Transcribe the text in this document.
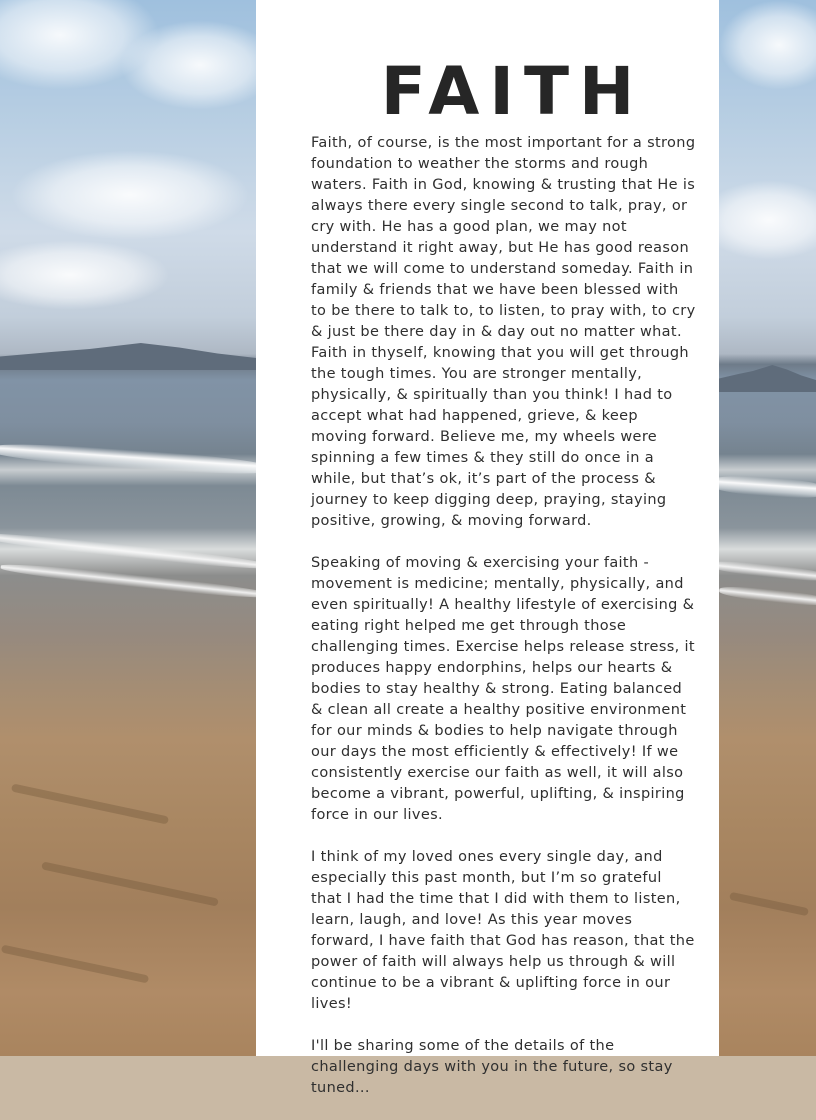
FAITH

Faith, of course, is the most important for a strong foundation to weather the storms and rough waters. Faith in God, knowing & trusting that He is always there every single second to talk, pray, or cry with. He has a good plan, we may not understand it right away, but He has good reason that we will come to understand someday. Faith in family & friends that we have been blessed with to be there to talk to, to listen, to pray with, to cry & just be there day in & day out no matter what. Faith in thyself, knowing that you will get through the tough times. You are stronger mentally, physically, & spiritually than you think! I had to accept what had happened, grieve, & keep moving forward. Believe me, my wheels were spinning a few times & they still do once in a while, but that’s ok, it’s part of the process & journey to keep digging deep, praying, staying positive, growing, & moving forward.

Speaking of moving & exercising your faith - movement is medicine; mentally, physically, and even spiritually! A healthy lifestyle of exercising & eating right helped me get through those challenging times. Exercise helps release stress, it produces happy endorphins, helps our hearts & bodies to stay healthy & strong. Eating balanced & clean all create a healthy positive environment for our minds & bodies to help navigate through our days the most efficiently & effectively! If we consistently exercise our faith as well, it will also become a vibrant, powerful, uplifting, & inspiring force in our lives.

I think of my loved ones every single day, and especially this past month, but I’m so grateful that I had the time that I did with them to listen, learn, laugh, and love! As this year moves forward, I have faith that God has reason, that the power of faith will always help us through & will continue to be a vibrant & uplifting force in our lives!

I'll be sharing some of the details of the challenging days with you in the future, so stay tuned...
